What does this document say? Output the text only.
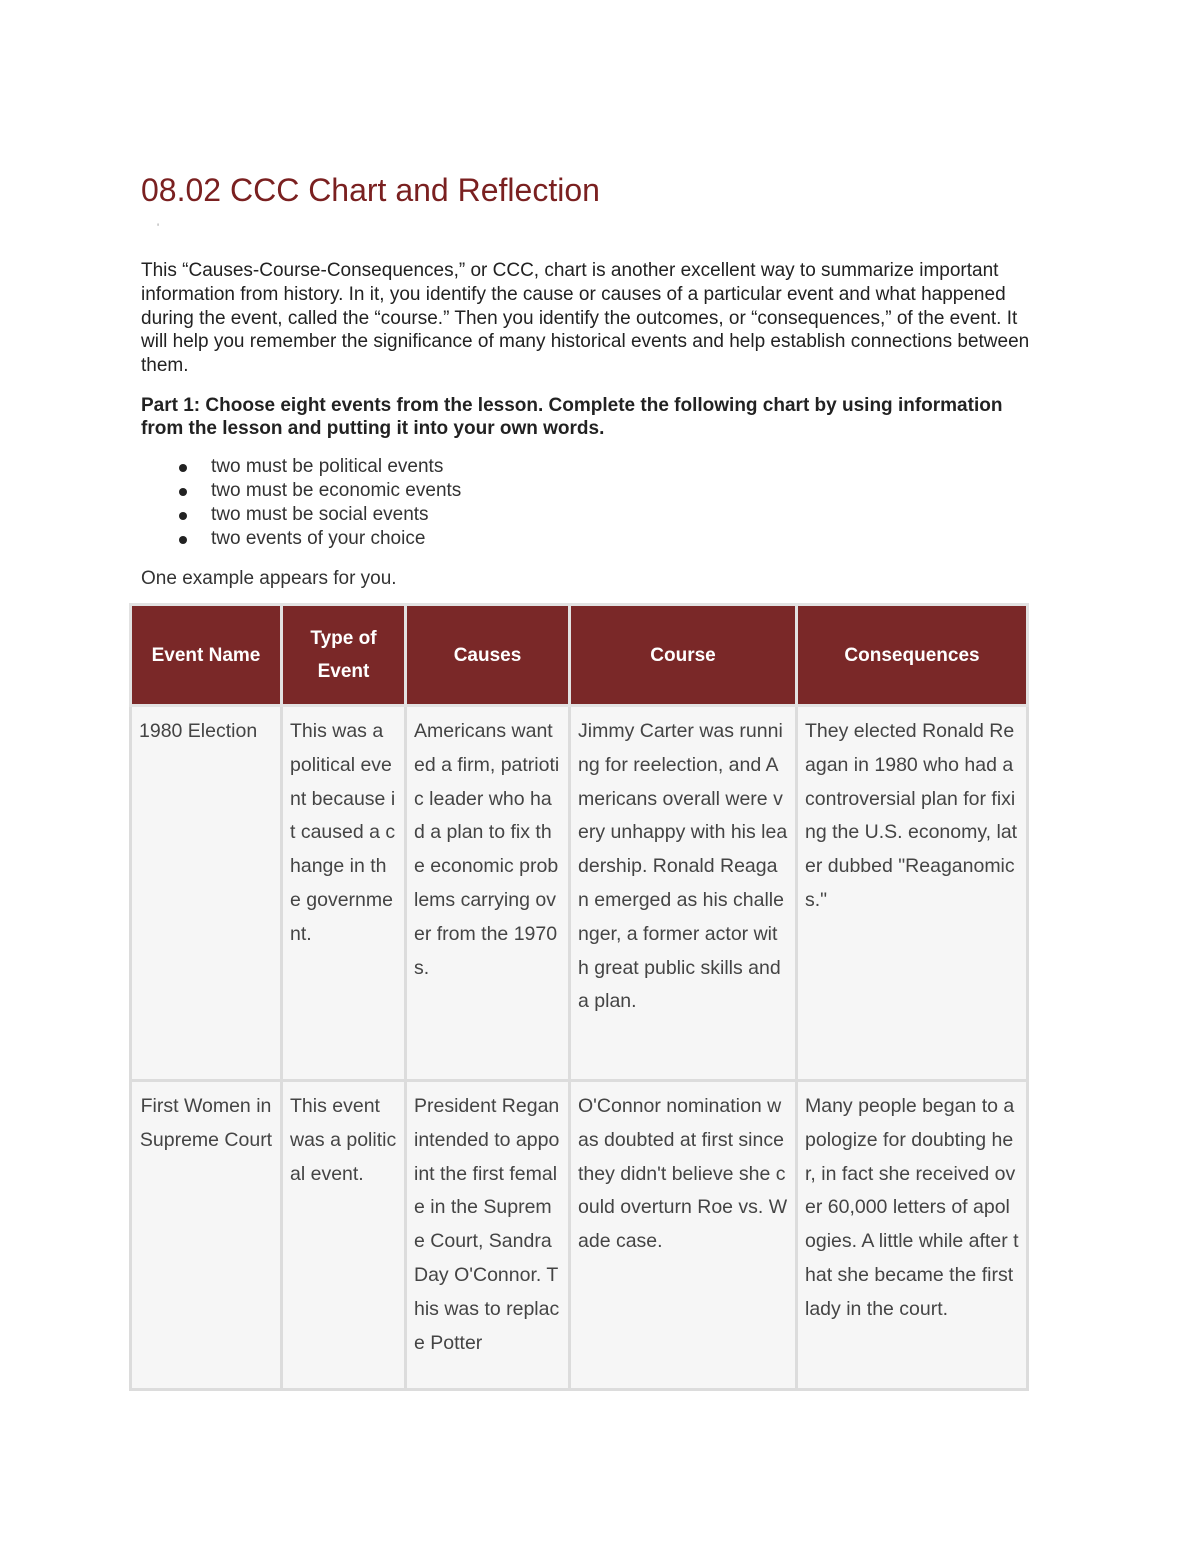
08.02 CCC Chart and Reflection
'

This “Causes-Course-Consequences,” or CCC, chart is another excellent way to summarize important information from history. In it, you identify the cause or causes of a particular event and what happened during the event, called the “course.” Then you identify the outcomes, or “consequences,” of the event. It will help you remember the significance of many historical events and help establish connections between them.

Part 1: Choose eight events from the lesson. Complete the following chart by using information from the lesson and putting it into your own words.

two must be political events
two must be economic events
two must be social events
two events of your choice

One example appears for you.

Event Name	Type of Event	Causes	Course	Consequences
1980 Election	This was a political event because it caused a change in the government.	Americans wanted a firm, patriotic leader who had a plan to fix the economic problems carrying over from the 1970s.	Jimmy Carter was running for reelection, and Americans overall were very unhappy with his leadership. Ronald Reagan emerged as his challenger, a former actor with great public skills and a plan.	They elected Ronald Reagan in 1980 who had a controversial plan for fixing the U.S. economy, later dubbed "Reaganomics."
First Women in Supreme Court	This event was a political event.	President Regan intended to appoint the first female in the Supreme Court, Sandra Day O'Connor. This was to replace Potter	O'Connor nomination was doubted at first since they didn't believe she could overturn Roe vs. Wade case.	Many people began to apologize for doubting her, in fact she received over 60,000 letters of apologies. A little while after that she became the first lady in the court.
